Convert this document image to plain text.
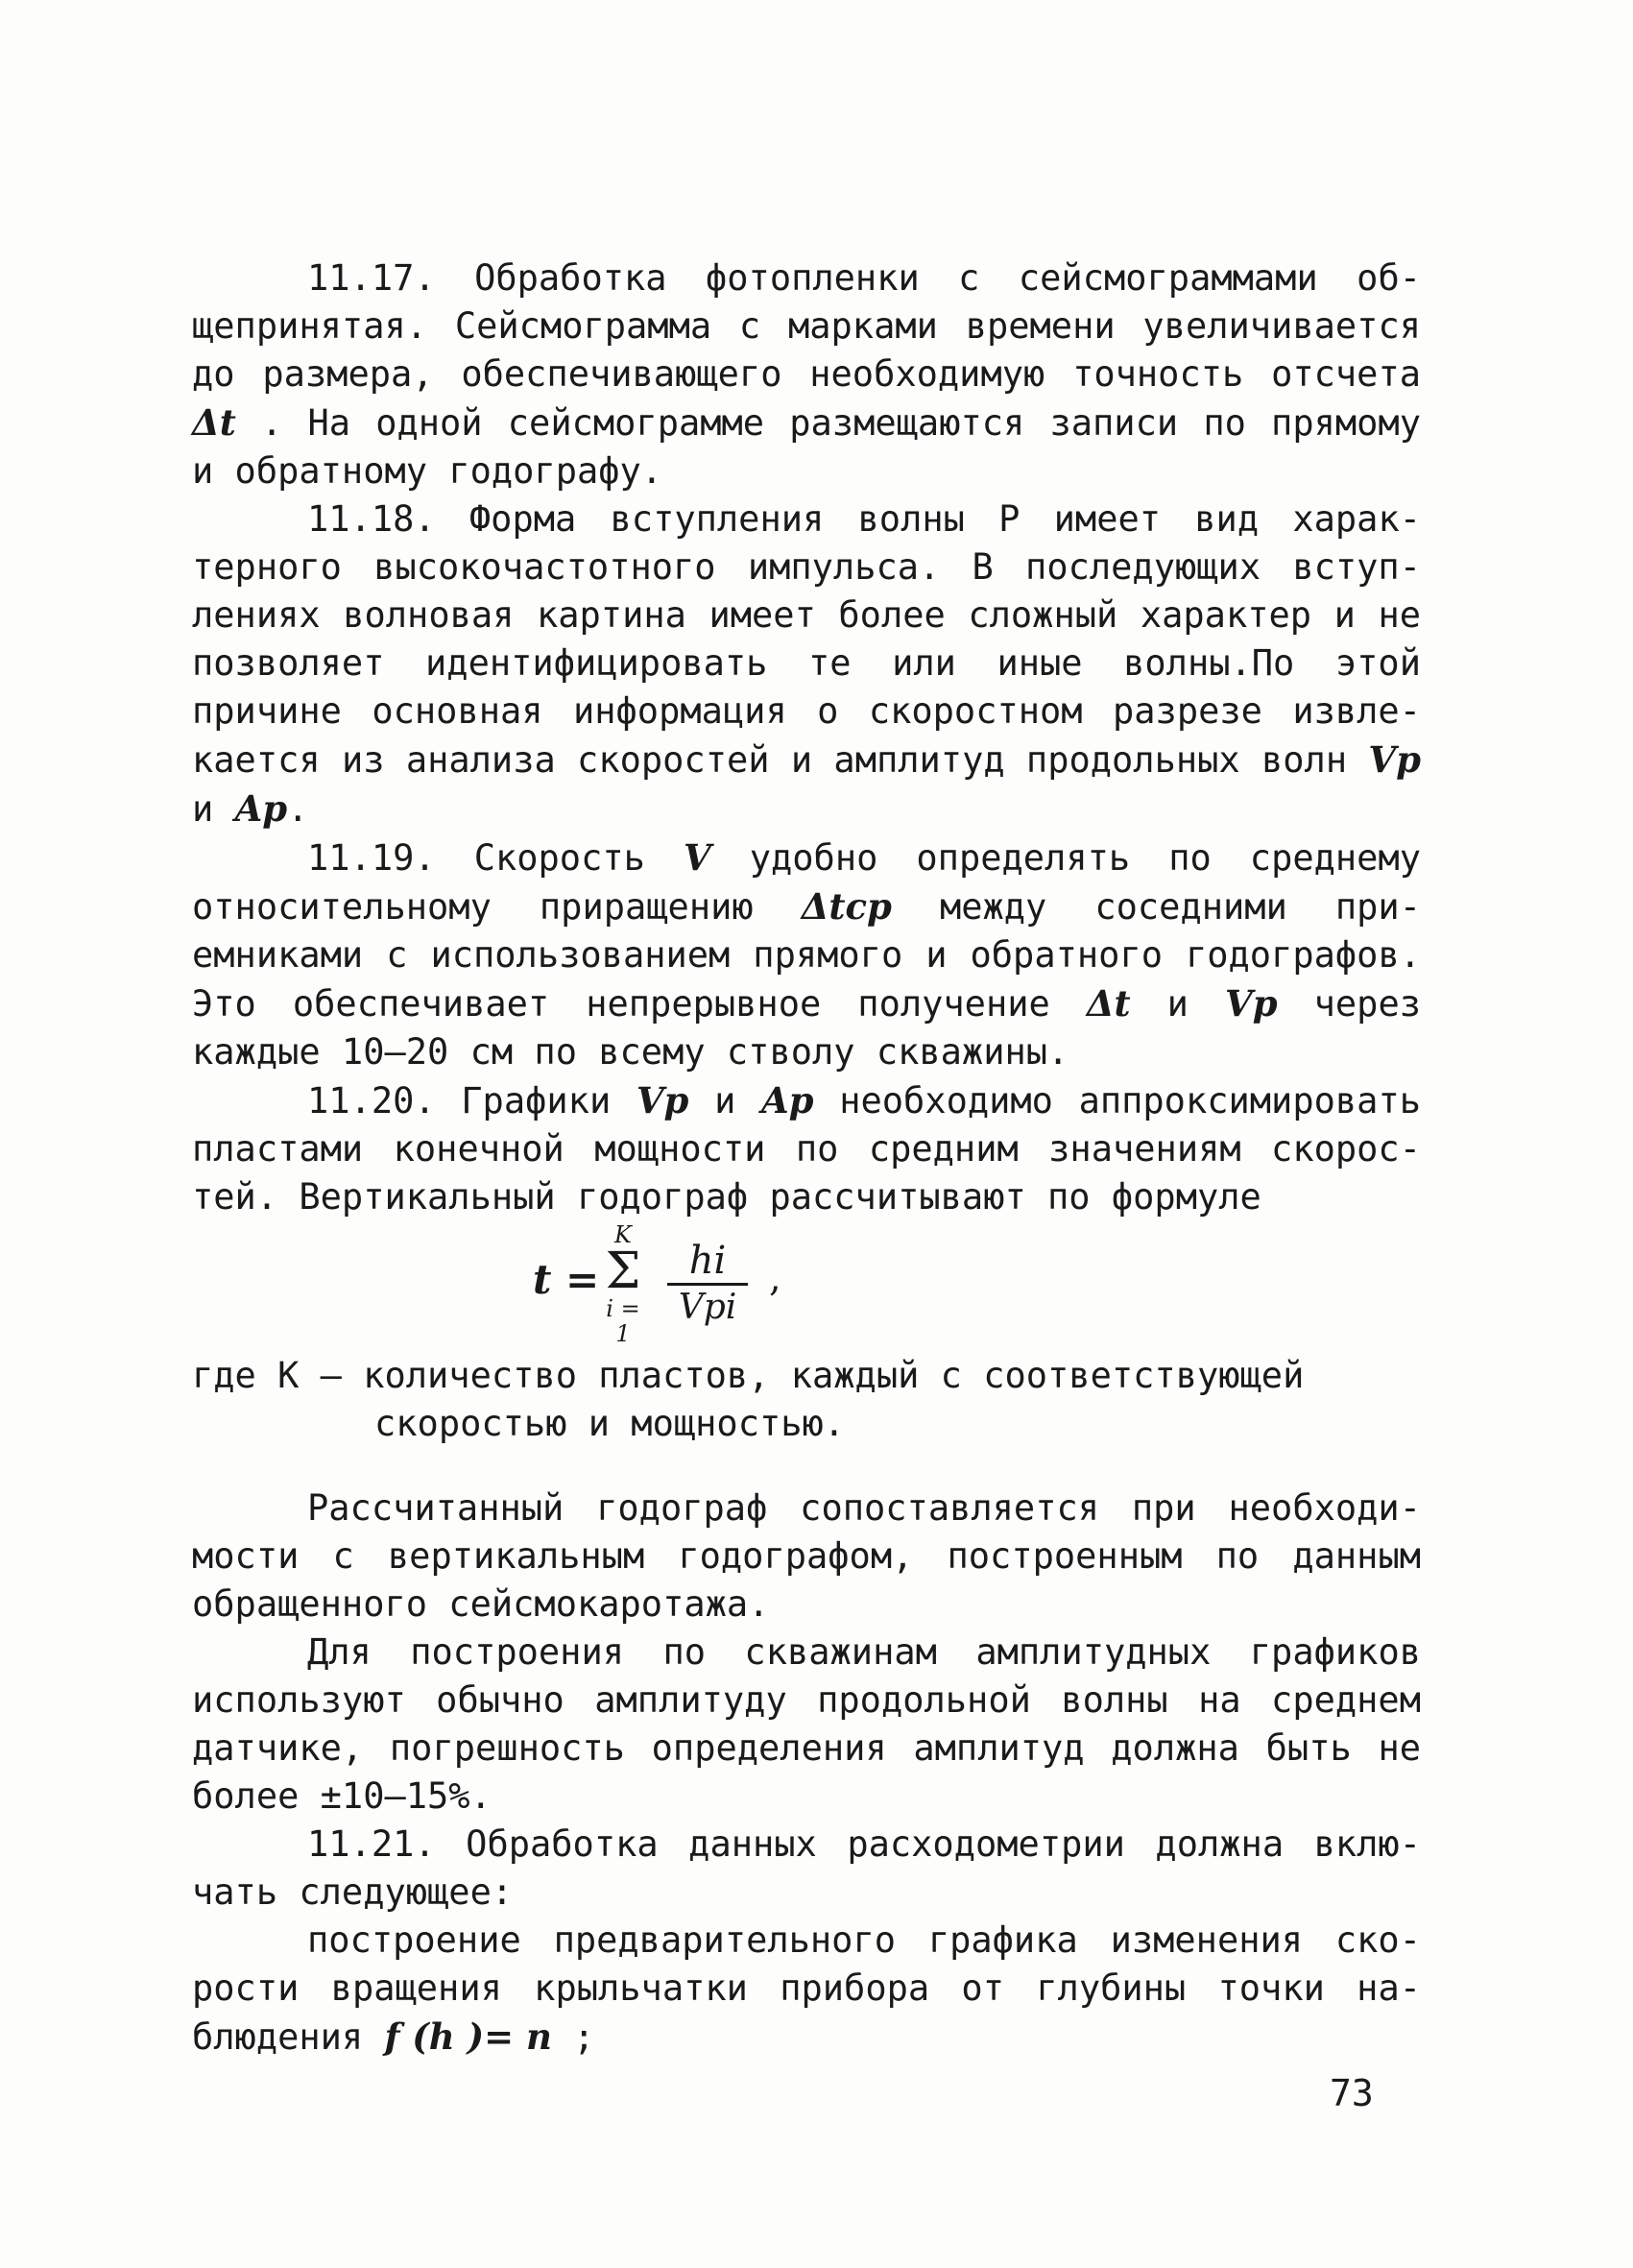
11.17. Обработка фотопленки с сейсмограммами общепринятая. Сейсмограмма с марками времени увеличивается до размера, обеспечивающего необходимую точность отсчета Δt . На одной сейсмограмме размещаются записи по прямому и обратному годографу.

11.18. Форма вступления волны Р имеет вид характерного высокочастотного импульса. В последующих вступлениях волновая картина имеет более сложный характер и не позволяет идентифицировать те или иные волны.По этой причине основная информация о скоростном разрезе извлекается из анализа скоростей и амплитуд продольных волн Vp и Ap.

11.19. Скорость V удобно определять по среднему относительному приращению Δtср между соседними приемниками с использованием прямого и обратного годографов. Это обеспечивает непрерывное получение Δt и Vp через каждые 10–20 см по всему стволу скважины.

11.20. Графики Vp и Ap необходимо аппроксимировать пластами конечной мощности по средним значениям скоростей. Вертикальный годограф рассчитывают по формуле

t =
K
Σ
i = 1
hi
Vpi
,
где К – количество пластов, каждый с соответствующей
скоростью и мощностью.

Рассчитанный годограф сопоставляется при необходимости с вертикальным годографом, построенным по данным обращенного сейсмокаротажа.

Для построения по скважинам амплитудных графиков используют обычно амплитуду продольной волны на среднем датчике, погрешность определения амплитуд должна быть не более ±10–15%.

11.21. Обработка данных расходометрии должна включать следующее:

построение предварительного графика изменения скорости вращения крыльчатки прибора от глубины точки наблюдения f (h )= n ;

73
